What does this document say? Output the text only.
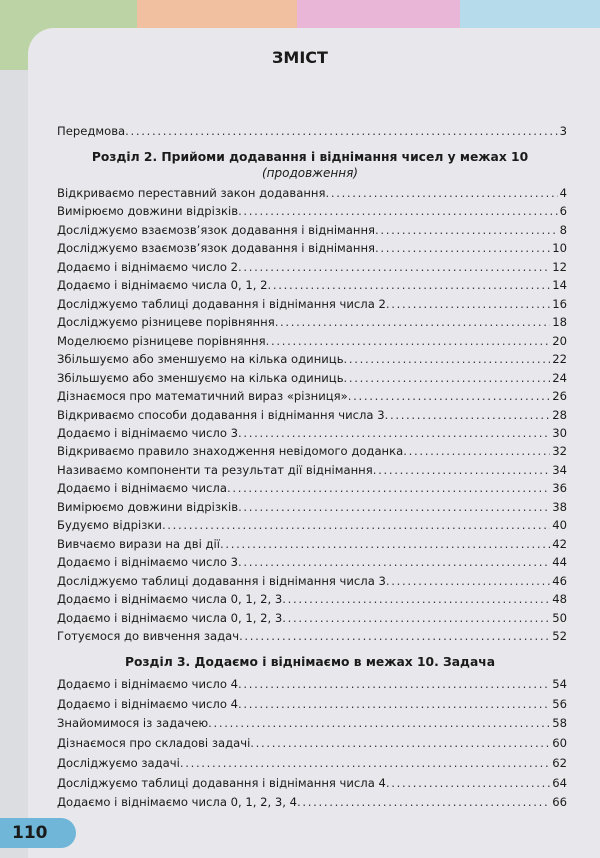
ЗМІСТ
Передмова . . .	3
Розділ 2. Прийоми додавання і віднімання чисел у межах 10
(продовження)
Відкриваємо переставний закон додавання . . .	4
Вимірюємо довжини відрізків . . .	6
Досліджуємо взаємозв’язок додавання і віднімання . . .	8
Досліджуємо взаємозв’язок додавання і віднімання . . .	10
Додаємо і віднімаємо число 2 . . .	12
Додаємо і віднімаємо числа 0, 1, 2 . . .	14
Досліджуємо таблиці додавання і віднімання числа 2 . . .	16
Досліджуємо різницеве порівняння . . .	18
Моделюємо різницеве порівняння . . .	20
Збільшуємо або зменшуємо на кілька одиниць . . .	22
Збільшуємо або зменшуємо на кілька одиниць . . .	24
Дізнаємося про математичний вираз «різниця» . . .	26
Відкриваємо способи додавання і віднімання числа 3 . . .	28
Додаємо і віднімаємо число 3 . . .	30
Відкриваємо правило знаходження невідомого доданка . . .	32
Називаємо компоненти та результат дії віднімання . . .	34
Додаємо і віднімаємо числа . . .	36
Вимірюємо довжини відрізків . . .	38
Будуємо відрізки . . .	40
Вивчаємо вирази на дві дії . . .	42
Додаємо і віднімаємо число 3 . . .	44
Досліджуємо таблиці додавання і віднімання числа 3 . . .	46
Додаємо і віднімаємо числа 0, 1, 2, 3 . . .	48
Додаємо і віднімаємо числа 0, 1, 2, 3 . . .	50
Готуємося до вивчення задач . . .	52
Розділ 3. Додаємо і віднімаємо в межах 10. Задача
Додаємо і віднімаємо число 4 . . .	54
Додаємо і віднімаємо число 4 . . .	56
Знайомимося із задачею . . .	58
Дізнаємося про складові задачі . . .	60
Досліджуємо задачі . . .	62
Досліджуємо таблиці додавання і віднімання числа 4 . . .	64
Додаємо і віднімаємо числа 0, 1, 2, 3, 4 . . .	66
110
